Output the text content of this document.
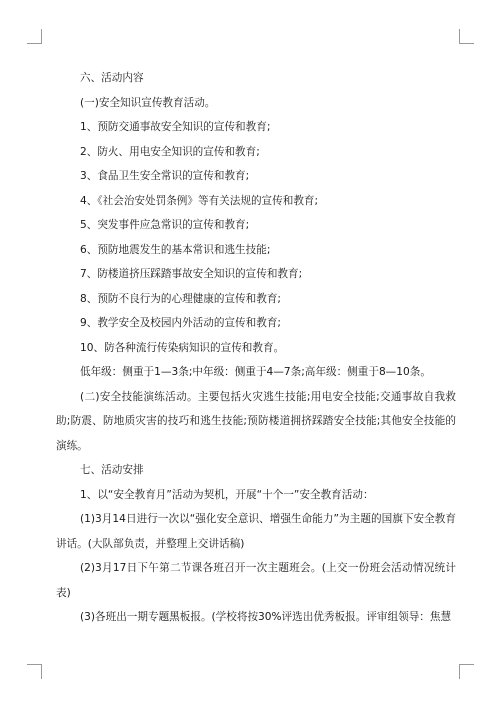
六、活动内容

(一)安全知识宣传教育活动。

1、预防交通事故安全知识的宣传和教育;

2、防火、用电安全知识的宣传和教育;

3、食品卫生安全常识的宣传和教育;

4、《社会治安处罚条例》等有关法规的宣传和教育;

5、突发事件应急常识的宣传和教育;

6、预防地震发生的基本常识和逃生技能;

7、防楼道挤压踩踏事故安全知识的宣传和教育;

8、预防不良行为的心理健康的宣传和教育;

9、教学安全及校园内外活动的宣传和教育;

10、防各种流行传染病知识的宣传和教育。

低年级：侧重于1—3条;中年级：侧重于4—7条;高年级：侧重于8—10条。

(二)安全技能演练活动。主要包括火灾逃生技能;用电安全技能;交通事故自我救助;防震、防地质灾害的技巧和逃生技能;预防楼道拥挤踩踏安全技能;其他安全技能的演练。

七、活动安排

1、以“安全教育月”活动为契机，开展“十个一”安全教育活动：

(1)3月14日进行一次以“强化安全意识、增强生命能力”为主题的国旗下安全教育讲话。(大队部负责，并整理上交讲话稿)

(2)3月17日下午第二节课各班召开一次主题班会。(上交一份班会活动情况统计表)

(3)各班出一期专题黑板报。(学校将按30%评选出优秀板报。评审组领导：焦慧
